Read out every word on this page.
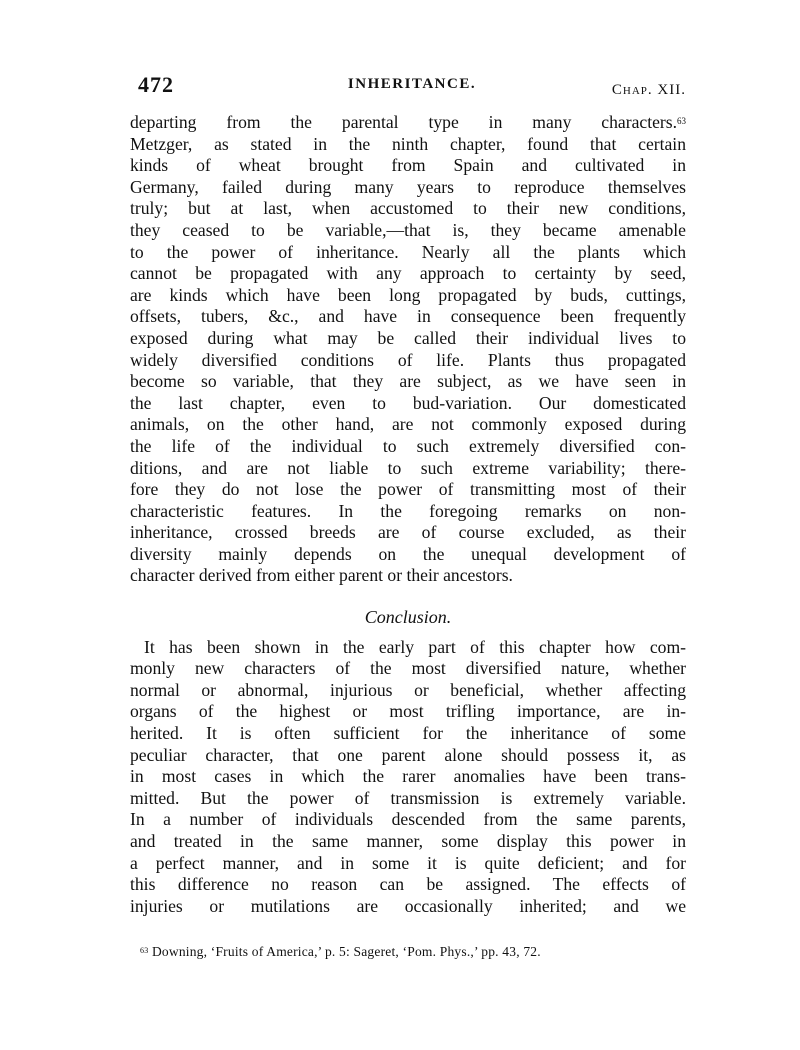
472	INHERITANCE.	Chap. XII.
departing from the parental type in many characters.$^{63}$
Metzger, as stated in the ninth chapter, found that certain
kinds of wheat brought from Spain and cultivated in
Germany, failed during many years to reproduce themselves
truly; but at last, when accustomed to their new conditions,
they ceased to be variable,—that is, they became amenable
to the power of inheritance. Nearly all the plants which
cannot be propagated with any approach to certainty by seed,
are kinds which have been long propagated by buds, cuttings,
offsets, tubers, &c., and have in consequence been frequently
exposed during what may be called their individual lives to
widely diversified conditions of life. Plants thus propagated
become so variable, that they are subject, as we have seen in
the last chapter, even to bud-variation. Our domesticated
animals, on the other hand, are not commonly exposed during
the life of the individual to such extremely diversified con-
ditions, and are not liable to such extreme variability; there-
fore they do not lose the power of transmitting most of their
characteristic features. In the foregoing remarks on non-
inheritance, crossed breeds are of course excluded, as their
diversity mainly depends on the unequal development of
character derived from either parent or their ancestors.
Conclusion.
It has been shown in the early part of this chapter how com-
monly new characters of the most diversified nature, whether
normal or abnormal, injurious or beneficial, whether affecting
organs of the highest or most trifling importance, are in-
herited. It is often sufficient for the inheritance of some
peculiar character, that one parent alone should possess it, as
in most cases in which the rarer anomalies have been trans-
mitted. But the power of transmission is extremely variable.
In a number of individuals descended from the same parents,
and treated in the same manner, some display this power in
a perfect manner, and in some it is quite deficient; and for
this difference no reason can be assigned. The effects of
injuries or mutilations are occasionally inherited; and we
$^{63}$ Downing, ‘Fruits of America,’ p. 5: Sageret, ‘Pom. Phys.,’ pp. 43, 72.
